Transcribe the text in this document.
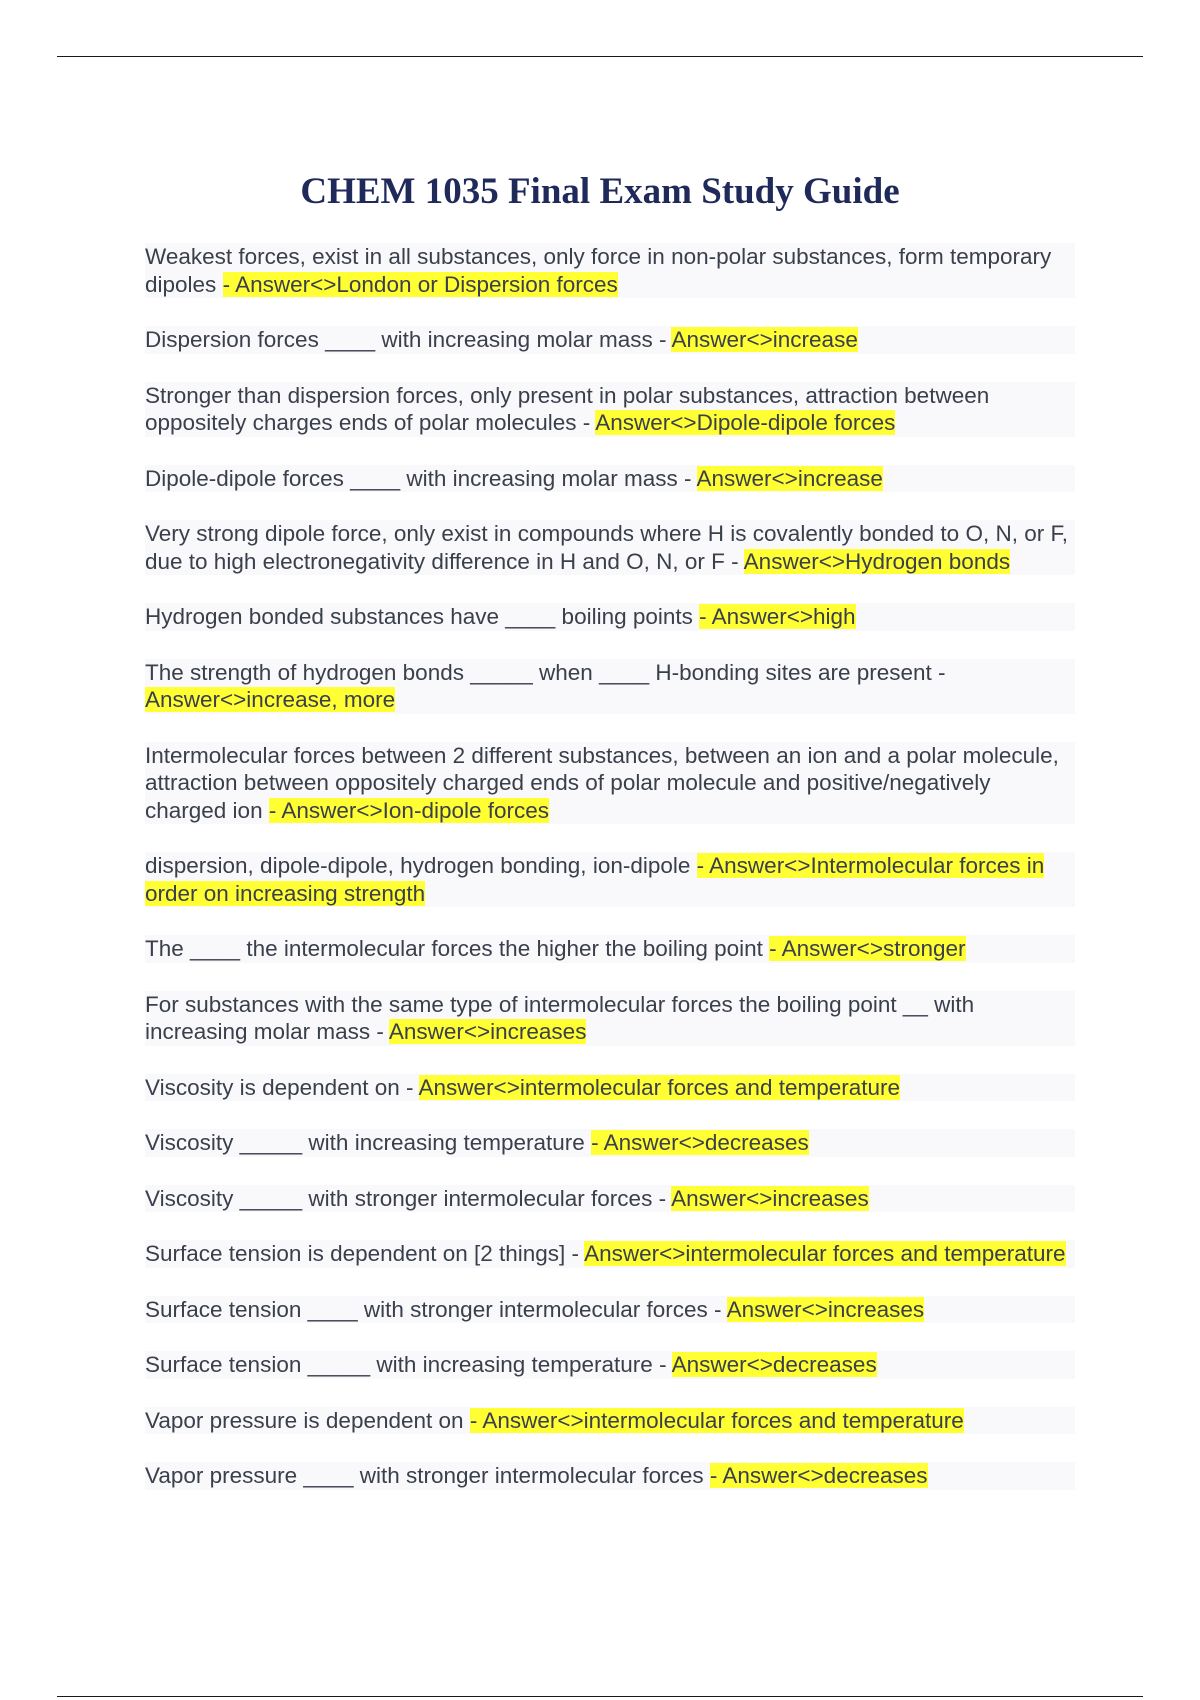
CHEM 1035 Final Exam Study Guide
Weakest forces, exist in all substances, only force in non-polar substances, form temporary dipoles - Answer<>London or Dispersion forces
Dispersion forces ____ with increasing molar mass - Answer<>increase
Stronger than dispersion forces, only present in polar substances, attraction between oppositely charges ends of polar molecules - Answer<>Dipole-dipole forces
Dipole-dipole forces ____ with increasing molar mass - Answer<>increase
Very strong dipole force, only exist in compounds where H is covalently bonded to O, N, or F, due to high electronegativity difference in H and O, N, or F - Answer<>Hydrogen bonds
Hydrogen bonded substances have ____ boiling points - Answer<>high
The strength of hydrogen bonds _____ when ____ H-bonding sites are present - Answer<>increase, more
Intermolecular forces between 2 different substances, between an ion and a polar molecule, attraction between oppositely charged ends of polar molecule and positive/negatively charged ion - Answer<>Ion-dipole forces
dispersion, dipole-dipole, hydrogen bonding, ion-dipole - Answer<>Intermolecular forces in order on increasing strength
The ____ the intermolecular forces the higher the boiling point - Answer<>stronger
For substances with the same type of intermolecular forces the boiling point __ with increasing molar mass - Answer<>increases
Viscosity is dependent on - Answer<>intermolecular forces and temperature
Viscosity _____ with increasing temperature - Answer<>decreases
Viscosity _____ with stronger intermolecular forces - Answer<>increases
Surface tension is dependent on [2 things] - Answer<>intermolecular forces and temperature
Surface tension ____ with stronger intermolecular forces - Answer<>increases
Surface tension _____ with increasing temperature - Answer<>decreases
Vapor pressure is dependent on - Answer<>intermolecular forces and temperature
Vapor pressure ____ with stronger intermolecular forces - Answer<>decreases
